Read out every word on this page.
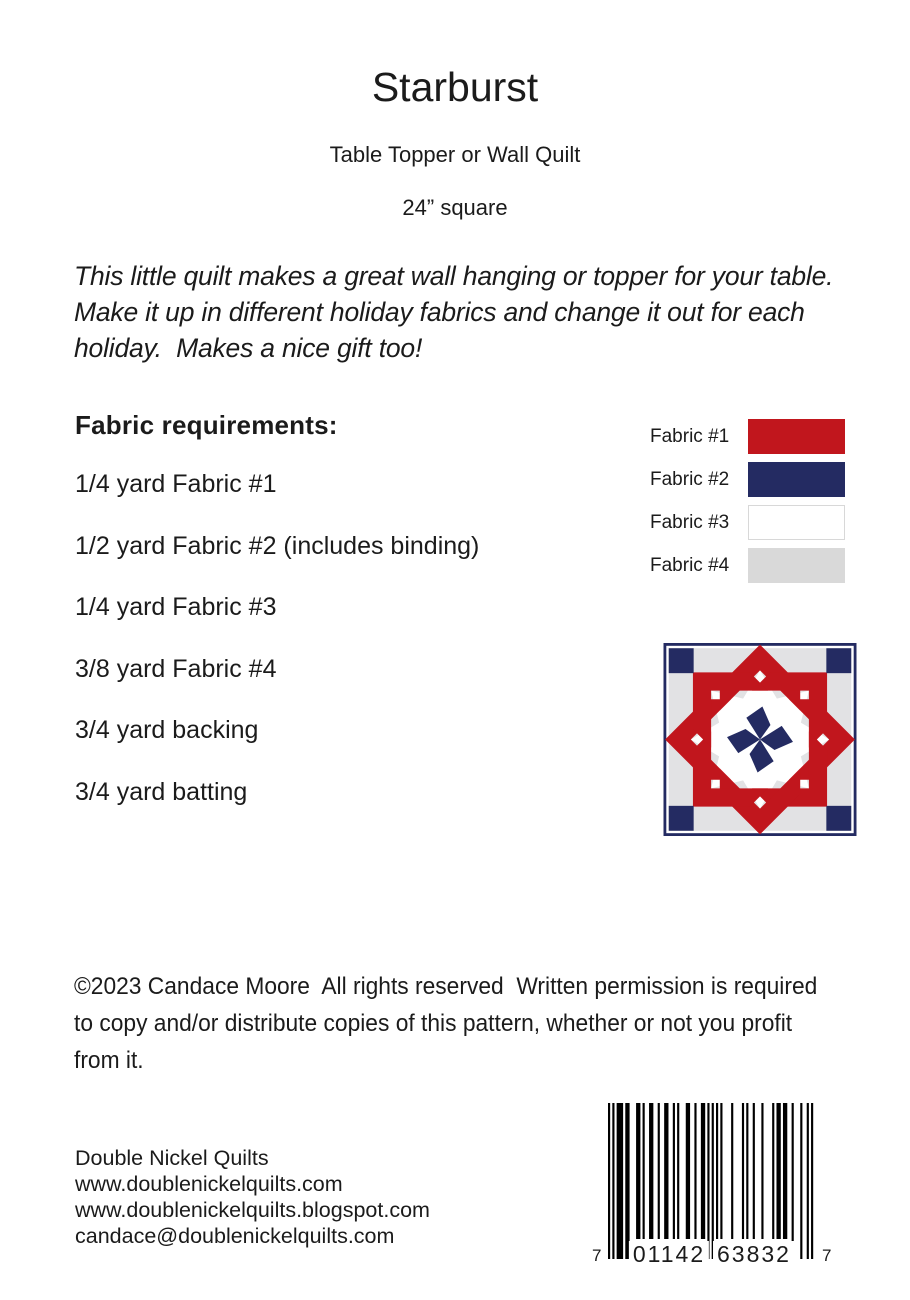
Starburst
Table Topper or Wall Quilt
24” square
This little quilt makes a great wall hanging or topper for your table. Make it up in different holiday fabrics and change it out for each holiday.  Makes a nice gift too!
Fabric requirements:
1/4 yard Fabric #1
1/2 yard Fabric #2 (includes binding)
1/4 yard Fabric #3
3/8 yard Fabric #4
3/4 yard backing
3/4 yard batting
Fabric #1
Fabric #2
Fabric #3
Fabric #4
©2023 Candace Moore  All rights reserved  Written permission is required to copy and/or distribute copies of this pattern, whether or not you profit from it.
Double Nickel Quilts
www.doublenickelquilts.com
www.doublenickelquilts.blogspot.com
candace@doublenickelquilts.com
7 01142 63832 7
